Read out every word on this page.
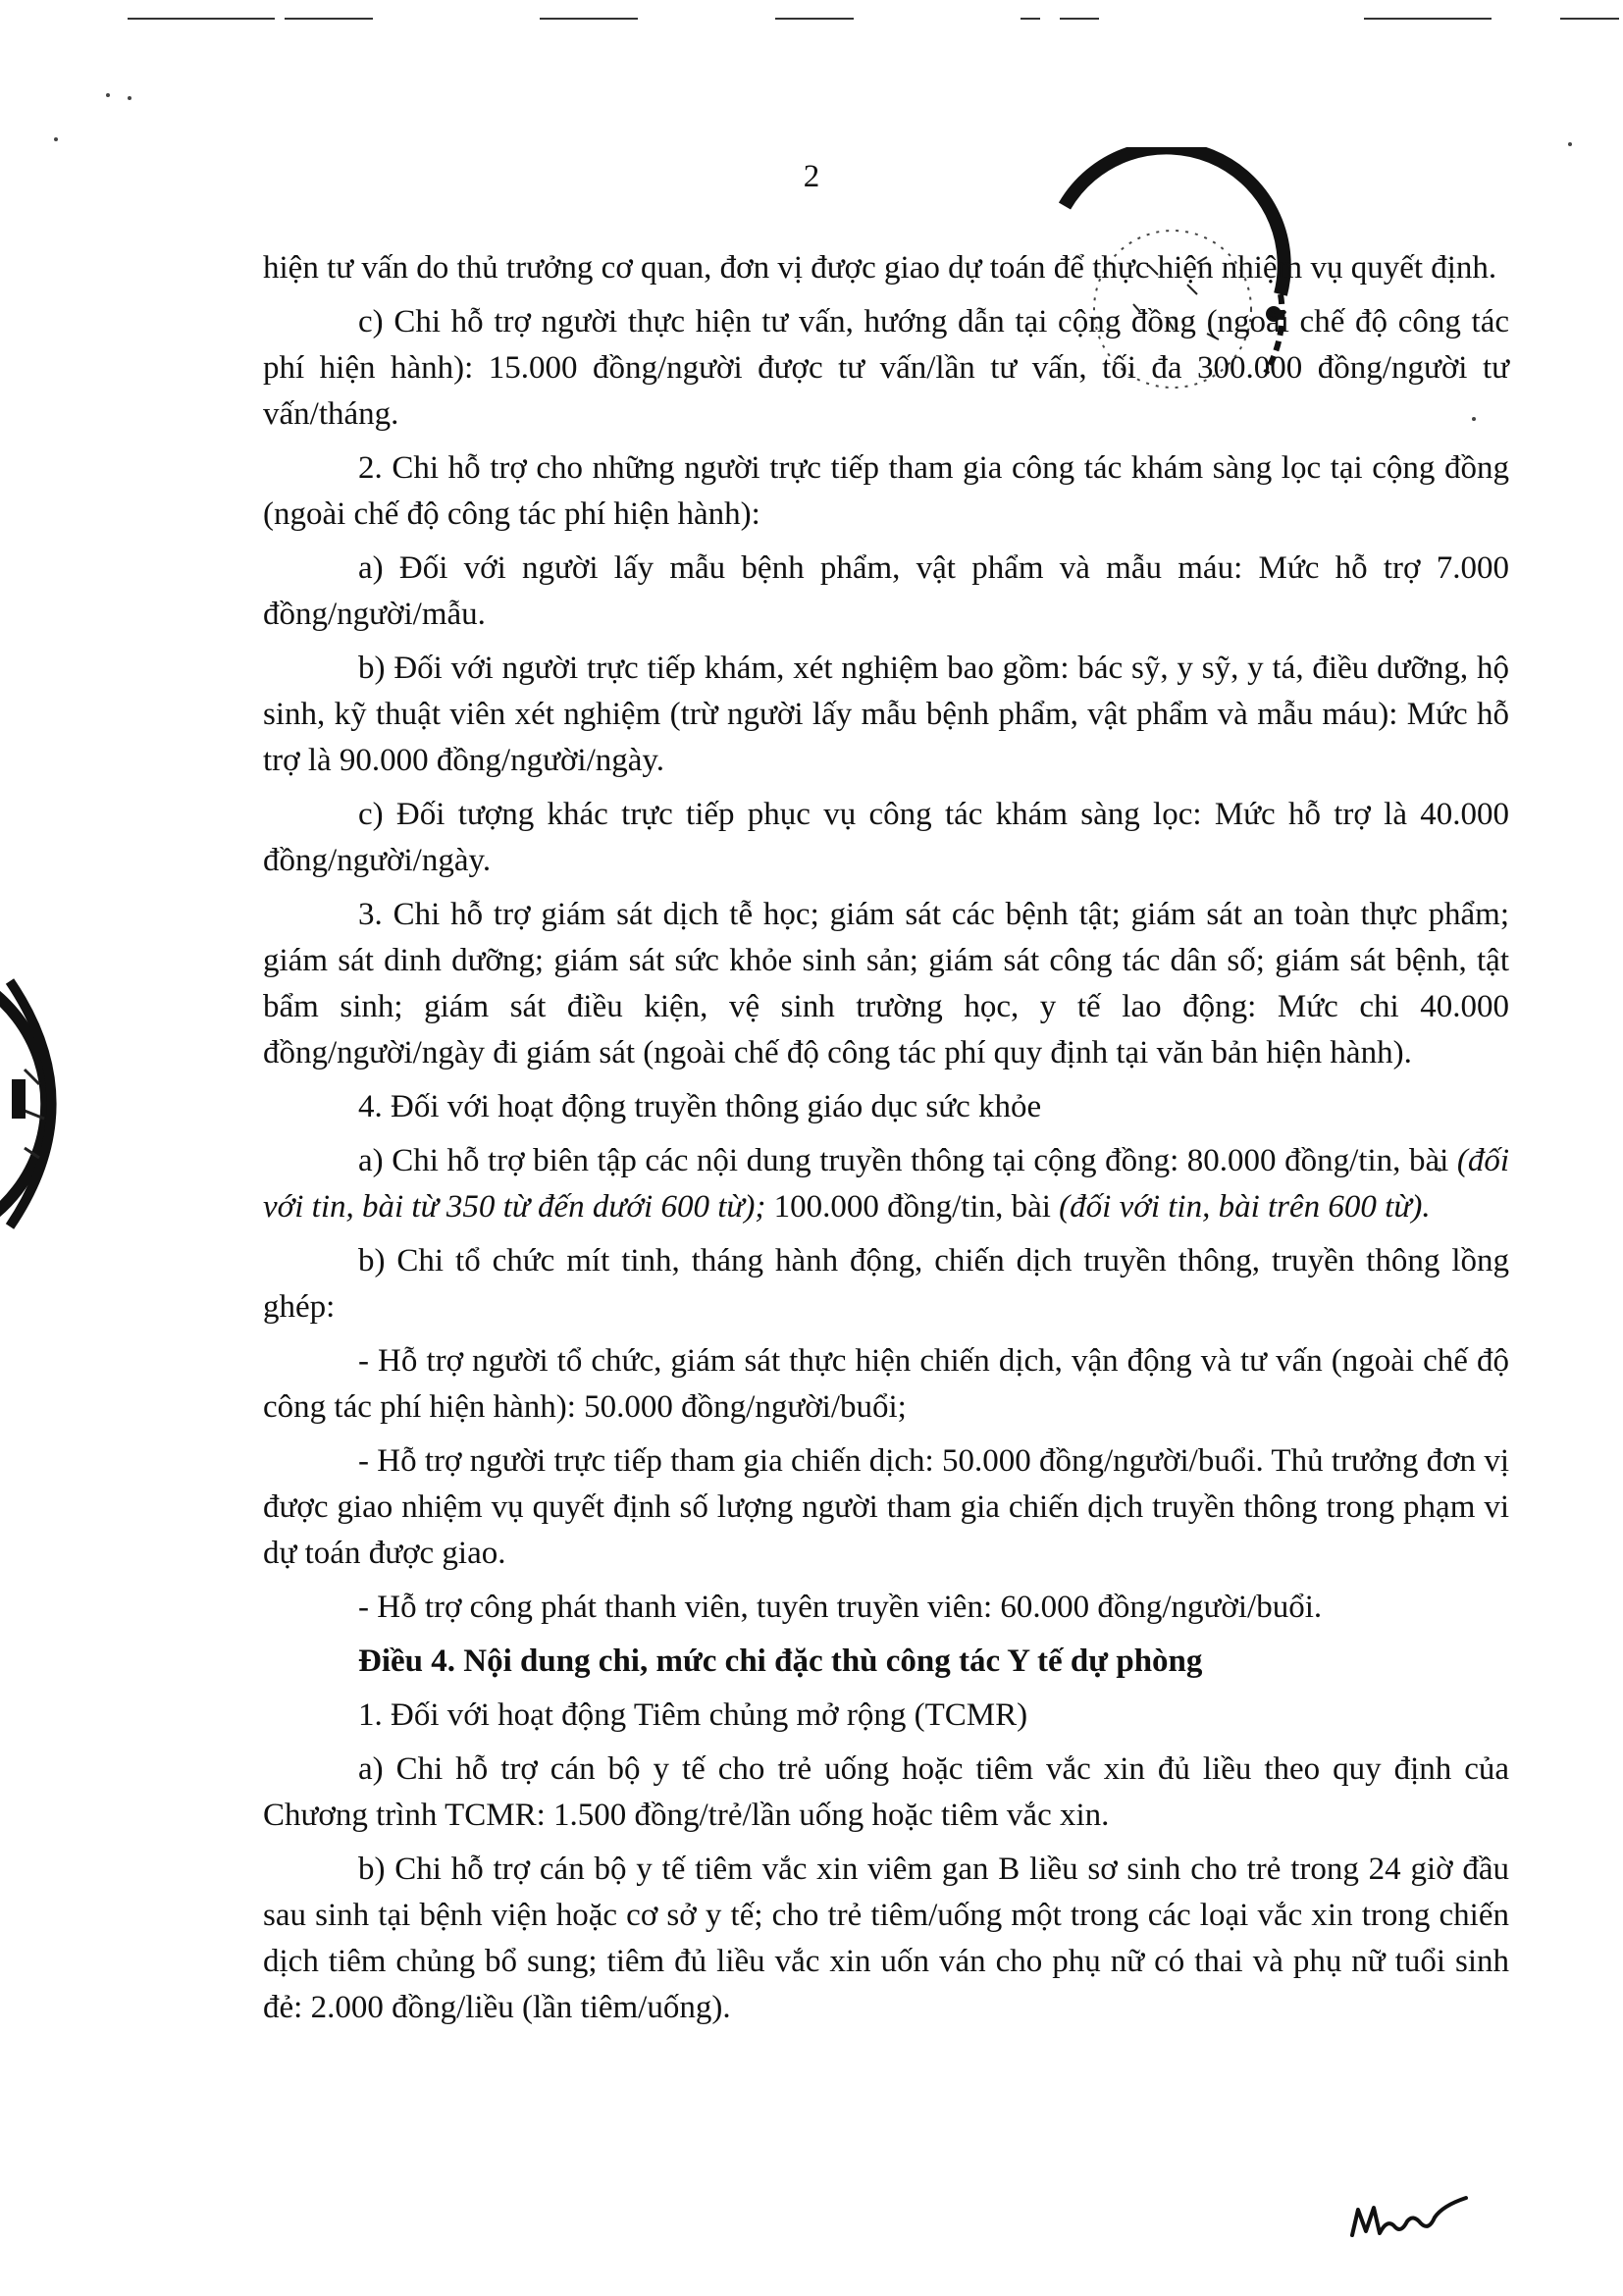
2

hiện tư vấn do thủ trưởng cơ quan, đơn vị được giao dự toán để thực hiện nhiệm vụ quyết định.

c) Chi hỗ trợ người thực hiện tư vấn, hướng dẫn tại cộng đồng (ngoài chế độ công tác phí hiện hành): 15.000 đồng/người được tư vấn/lần tư vấn, tối đa 300.000 đồng/người tư vấn/tháng.

2. Chi hỗ trợ cho những người trực tiếp tham gia công tác khám sàng lọc tại cộng đồng (ngoài chế độ công tác phí hiện hành):

a) Đối với người lấy mẫu bệnh phẩm, vật phẩm và mẫu máu: Mức hỗ trợ 7.000 đồng/người/mẫu.

b) Đối với người trực tiếp khám, xét nghiệm bao gồm: bác sỹ, y sỹ, y tá, điều dưỡng, hộ sinh, kỹ thuật viên xét nghiệm (trừ người lấy mẫu bệnh phẩm, vật phẩm và mẫu máu): Mức hỗ trợ là 90.000 đồng/người/ngày.

c) Đối tượng khác trực tiếp phục vụ công tác khám sàng lọc: Mức hỗ trợ là 40.000 đồng/người/ngày.

3. Chi hỗ trợ giám sát dịch tễ học; giám sát các bệnh tật; giám sát an toàn thực phẩm; giám sát dinh dưỡng; giám sát sức khỏe sinh sản; giám sát công tác dân số; giám sát bệnh, tật bẩm sinh; giám sát điều kiện, vệ sinh trường học, y tế lao động: Mức chi 40.000 đồng/người/ngày đi giám sát (ngoài chế độ công tác phí quy định tại văn bản hiện hành).

4. Đối với hoạt động truyền thông giáo dục sức khỏe

a) Chi hỗ trợ biên tập các nội dung truyền thông tại cộng đồng: 80.000 đồng/tin, bài (đối với tin, bài từ 350 từ đến dưới 600 từ); 100.000 đồng/tin, bài (đối với tin, bài trên 600 từ).

b) Chi tổ chức mít tinh, tháng hành động, chiến dịch truyền thông, truyền thông lồng ghép:

- Hỗ trợ người tổ chức, giám sát thực hiện chiến dịch, vận động và tư vấn (ngoài chế độ công tác phí hiện hành): 50.000 đồng/người/buổi;

- Hỗ trợ người trực tiếp tham gia chiến dịch: 50.000 đồng/người/buổi. Thủ trưởng đơn vị được giao nhiệm vụ quyết định số lượng người tham gia chiến dịch truyền thông trong phạm vi dự toán được giao.

- Hỗ trợ công phát thanh viên, tuyên truyền viên: 60.000 đồng/người/buổi.

Điều 4. Nội dung chi, mức chi đặc thù công tác Y tế dự phòng

1. Đối với hoạt động Tiêm chủng mở rộng (TCMR)

a) Chi hỗ trợ cán bộ y tế cho trẻ uống hoặc tiêm vắc xin đủ liều theo quy định của Chương trình TCMR: 1.500 đồng/trẻ/lần uống hoặc tiêm vắc xin.

b) Chi hỗ trợ cán bộ y tế tiêm vắc xin viêm gan B liều sơ sinh cho trẻ trong 24 giờ đầu sau sinh tại bệnh viện hoặc cơ sở y tế; cho trẻ tiêm/uống một trong các loại vắc xin trong chiến dịch tiêm chủng bổ sung; tiêm đủ liều vắc xin uốn ván cho phụ nữ có thai và phụ nữ tuổi sinh đẻ: 2.000 đồng/liều (lần tiêm/uống).
